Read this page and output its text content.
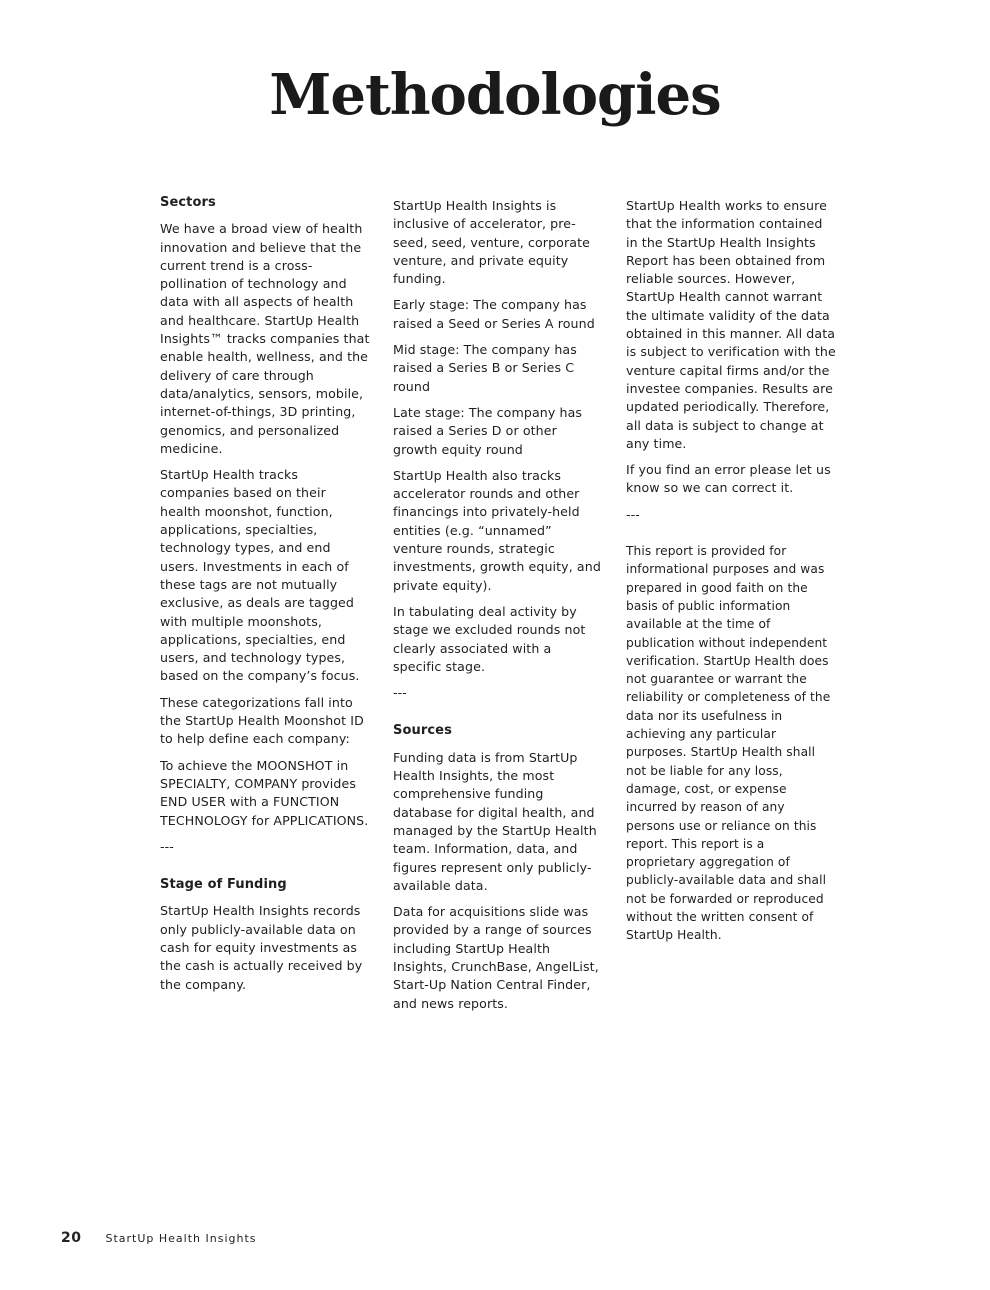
Methodologies
Sectors

We have a broad view of health innovation and believe that the current trend is a cross-pollination of technology and data with all aspects of health and healthcare. StartUp Health Insights™ tracks companies that enable health, wellness, and the delivery of care through data/analytics, sensors, mobile, internet-of-things, 3D printing, genomics, and personalized medicine.

StartUp Health tracks companies based on their health moonshot, function, applications, specialties, technology types, and end users. Investments in each of these tags are not mutually exclusive, as deals are tagged with multiple moonshots, applications, specialties, end users, and technology types, based on the company’s focus.

These categorizations fall into the StartUp Health Moonshot ID to help define each company:

To achieve the MOONSHOT in SPECIALTY, COMPANY provides END USER with a FUNCTION TECHNOLOGY for APPLICATIONS.

---

Stage of Funding

StartUp Health Insights records only publicly-available data on cash for equity investments as the cash is actually received by the company.

StartUp Health Insights is inclusive of accelerator, pre-seed, seed, venture, corporate venture, and private equity funding.

Early stage: The company has raised a Seed or Series A round

Mid stage: The company has raised a Series B or Series C round

Late stage: The company has raised a Series D or other growth equity round

StartUp Health also tracks accelerator rounds and other financings into privately-held entities (e.g. “unnamed” venture rounds, strategic investments, growth equity, and private equity).

In tabulating deal activity by stage we excluded rounds not clearly associated with a specific stage.

---

Sources

Funding data is from StartUp Health Insights, the most comprehensive funding database for digital health, and managed by the StartUp Health team. Information, data, and figures represent only publicly-available data.

Data for acquisitions slide was provided by a range of sources including StartUp Health Insights, CrunchBase, AngelList, Start-Up Nation Central Finder, and news reports.

StartUp Health works to ensure that the information contained in the StartUp Health Insights Report has been obtained from reliable sources. However, StartUp Health cannot warrant the ultimate validity of the data obtained in this manner. All data is subject to verification with the venture capital firms and/or the investee companies. Results are updated periodically. Therefore, all data is subject to change at any time.

If you find an error please let us know so we can correct it.

---

This report is provided for informational purposes and was prepared in good faith on the basis of public information available at the time of publication without independent verification. StartUp Health does not guarantee or warrant the reliability or completeness of the data nor its usefulness in achieving any particular purposes. StartUp Health shall not be liable for any loss, damage, cost, or expense incurred by reason of any persons use or reliance on this report. This report is a proprietary aggregation of publicly-available data and shall not be forwarded or reproduced without the written consent of StartUp Health.

20 StartUp Health Insights
